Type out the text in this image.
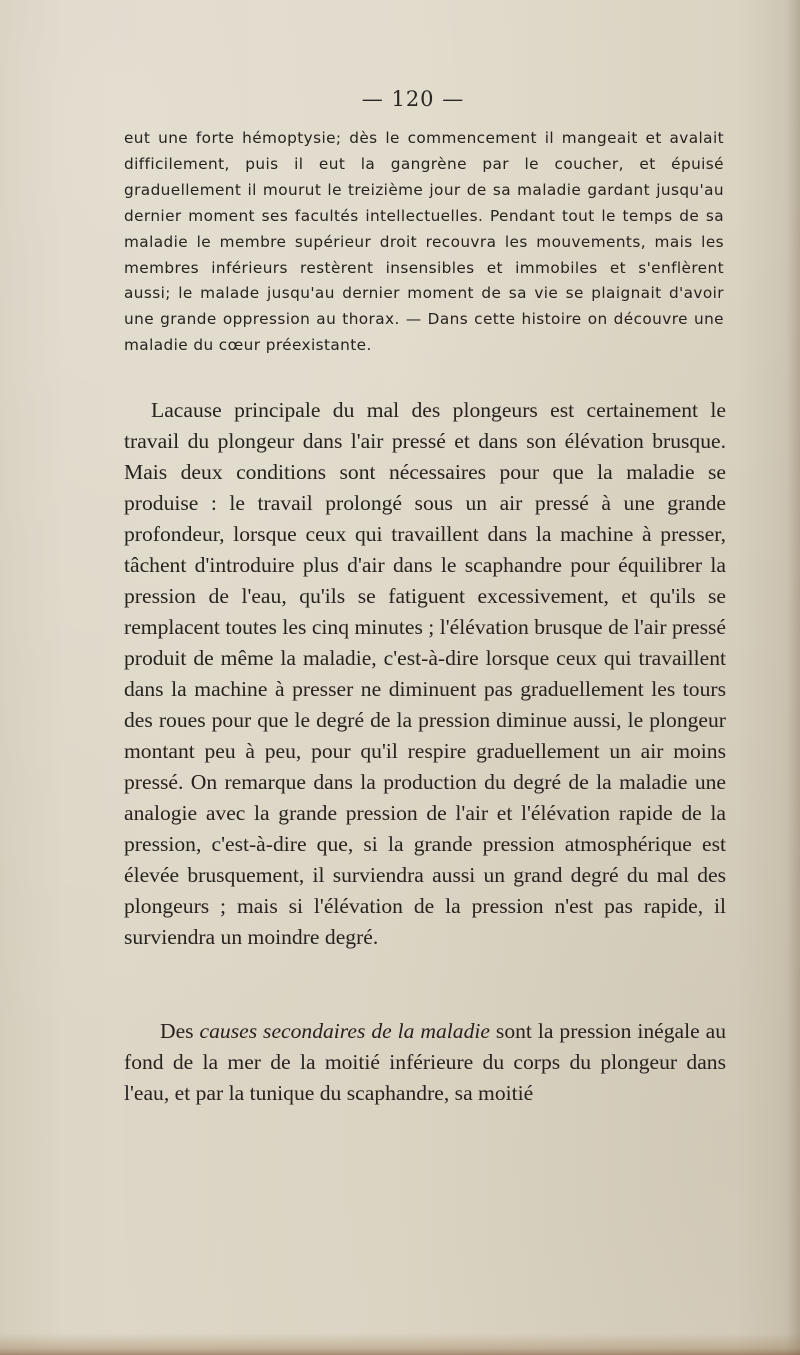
— 120 —

eut une forte hémoptysie; dès le commencement il mangeait et avalait difficilement, puis il eut la gangrène par le coucher, et épuisé graduellement il mourut le treizième jour de sa maladie gardant jusqu'au dernier moment ses facultés intellectuelles. Pendant tout le temps de sa maladie le membre supérieur droit recouvra les mouvements, mais les membres inférieurs restèrent insensibles et immobiles et s'enflèrent aussi; le malade jusqu'au dernier moment de sa vie se plaignait d'avoir une grande oppression au thorax. — Dans cette histoire on découvre une maladie du cœur préexistante.

Lacause principale du mal des plongeurs est certainement le travail du plongeur dans l'air pressé et dans son élévation brusque. Mais deux conditions sont nécessaires pour que la maladie se produise : le travail prolongé sous un air pressé à une grande profondeur, lorsque ceux qui travaillent dans la machine à presser, tâchent d'introduire plus d'air dans le scaphandre pour équilibrer la pression de l'eau, qu'ils se fatiguent excessivement, et qu'ils se remplacent toutes les cinq minutes ; l'élévation brusque de l'air pressé produit de même la maladie, c'est-à-dire lorsque ceux qui travaillent dans la machine à presser ne diminuent pas graduellement les tours des roues pour que le degré de la pression diminue aussi, le plongeur montant peu à peu, pour qu'il respire graduellement un air moins pressé. On remarque dans la production du degré de la maladie une analogie avec la grande pression de l'air et l'élévation rapide de la pression, c'est-à-dire que, si la grande pression atmosphérique est élevée brusquement, il surviendra aussi un grand degré du mal des plongeurs ; mais si l'élévation de la pression n'est pas rapide, il surviendra un moindre degré.

Des causes secondaires de la maladie sont la pression inégale au fond de la mer de la moitié inférieure du corps du plongeur dans l'eau, et par la tunique du scaphandre, sa moitié
